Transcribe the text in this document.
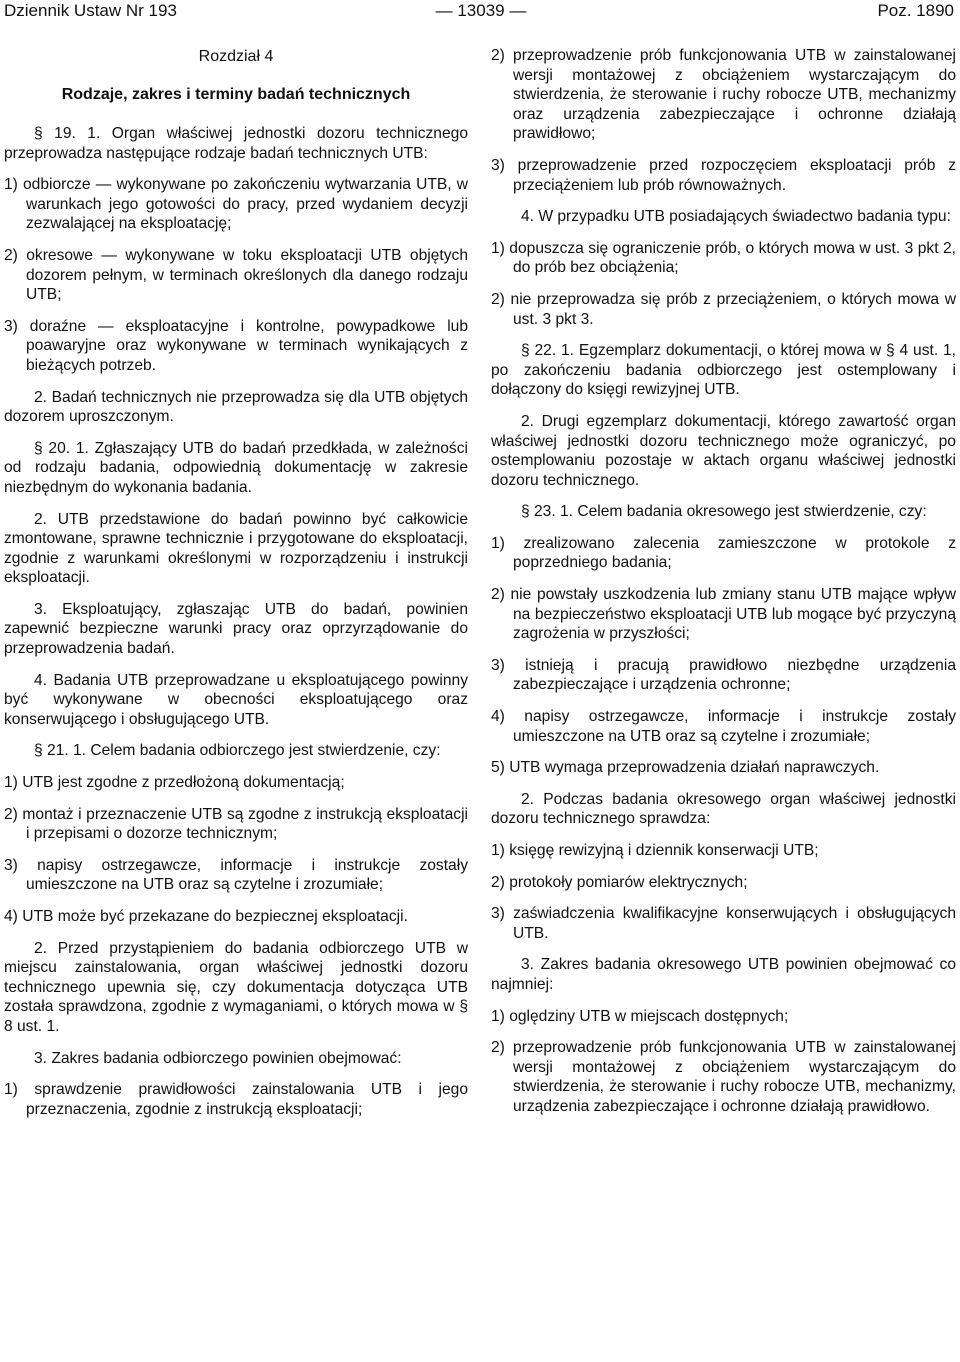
Dziennik Ustaw Nr 193	— 13039 —	Poz. 1890
Rozdział 4
Rodzaje, zakres i terminy badań technicznych

§ 19. 1. Organ właściwej jednostki dozoru technicznego przeprowadza następujące rodzaje badań technicznych UTB:

1) odbiorcze — wykonywane po zakończeniu wytwarzania UTB, w warunkach jego gotowości do pracy, przed wydaniem decyzji zezwalającej na eksploatację;

2) okresowe — wykonywane w toku eksploatacji UTB objętych dozorem pełnym, w terminach określonych dla danego rodzaju UTB;

3) doraźne — eksploatacyjne i kontrolne, powypadkowe lub poawaryjne oraz wykonywane w terminach wynikających z bieżących potrzeb.

2. Badań technicznych nie przeprowadza się dla UTB objętych dozorem uproszczonym.

§ 20. 1. Zgłaszający UTB do badań przedkłada, w zależności od rodzaju badania, odpowiednią dokumentację w zakresie niezbędnym do wykonania badania.

2. UTB przedstawione do badań powinno być całkowicie zmontowane, sprawne technicznie i przygotowane do eksploatacji, zgodnie z warunkami określonymi w rozporządzeniu i instrukcji eksploatacji.

3. Eksploatujący, zgłaszając UTB do badań, powinien zapewnić bezpieczne warunki pracy oraz oprzyrządowanie do przeprowadzenia badań.

4. Badania UTB przeprowadzane u eksploatującego powinny być wykonywane w obecności eksploatującego oraz konserwującego i obsługującego UTB.

§ 21. 1. Celem badania odbiorczego jest stwierdzenie, czy:

1) UTB jest zgodne z przedłożoną dokumentacją;

2) montaż i przeznaczenie UTB są zgodne z instrukcją eksploatacji i przepisami o dozorze technicznym;

3) napisy ostrzegawcze, informacje i instrukcje zostały umieszczone na UTB oraz są czytelne i zrozumiałe;

4) UTB może być przekazane do bezpiecznej eksploatacji.

2. Przed przystąpieniem do badania odbiorczego UTB w miejscu zainstalowania, organ właściwej jednostki dozoru technicznego upewnia się, czy dokumentacja dotycząca UTB została sprawdzona, zgodnie z wymaganiami, o których mowa w § 8 ust. 1.

3. Zakres badania odbiorczego powinien obejmować:

1) sprawdzenie prawidłowości zainstalowania UTB i jego przeznaczenia, zgodnie z instrukcją eksploatacji;

2) przeprowadzenie prób funkcjonowania UTB w zainstalowanej wersji montażowej z obciążeniem wystarczającym do stwierdzenia, że sterowanie i ruchy robocze UTB, mechanizmy oraz urządzenia zabezpieczające i ochronne działają prawidłowo;

3) przeprowadzenie przed rozpoczęciem eksploatacji prób z przeciążeniem lub prób równoważnych.

4. W przypadku UTB posiadających świadectwo badania typu:

1) dopuszcza się ograniczenie prób, o których mowa w ust. 3 pkt 2, do prób bez obciążenia;

2) nie przeprowadza się prób z przeciążeniem, o których mowa w ust. 3 pkt 3.

§ 22. 1. Egzemplarz dokumentacji, o której mowa w § 4 ust. 1, po zakończeniu badania odbiorczego jest ostemplowany i dołączony do księgi rewizyjnej UTB.

2. Drugi egzemplarz dokumentacji, którego zawartość organ właściwej jednostki dozoru technicznego może ograniczyć, po ostemplowaniu pozostaje w aktach organu właściwej jednostki dozoru technicznego.

§ 23. 1. Celem badania okresowego jest stwierdzenie, czy:

1) zrealizowano zalecenia zamieszczone w protokole z poprzedniego badania;

2) nie powstały uszkodzenia lub zmiany stanu UTB mające wpływ na bezpieczeństwo eksploatacji UTB lub mogące być przyczyną zagrożenia w przyszłości;

3) istnieją i pracują prawidłowo niezbędne urządzenia zabezpieczające i urządzenia ochronne;

4) napisy ostrzegawcze, informacje i instrukcje zostały umieszczone na UTB oraz są czytelne i zrozumiałe;

5) UTB wymaga przeprowadzenia działań naprawczych.

2. Podczas badania okresowego organ właściwej jednostki dozoru technicznego sprawdza:

1) księgę rewizyjną i dziennik konserwacji UTB;

2) protokoły pomiarów elektrycznych;

3) zaświadczenia kwalifikacyjne konserwujących i obsługujących UTB.

3. Zakres badania okresowego UTB powinien obejmować co najmniej:

1) oględziny UTB w miejscach dostępnych;

2) przeprowadzenie prób funkcjonowania UTB w zainstalowanej wersji montażowej z obciążeniem wystarczającym do stwierdzenia, że sterowanie i ruchy robocze UTB, mechanizmy, urządzenia zabezpieczające i ochronne działają prawidłowo.
